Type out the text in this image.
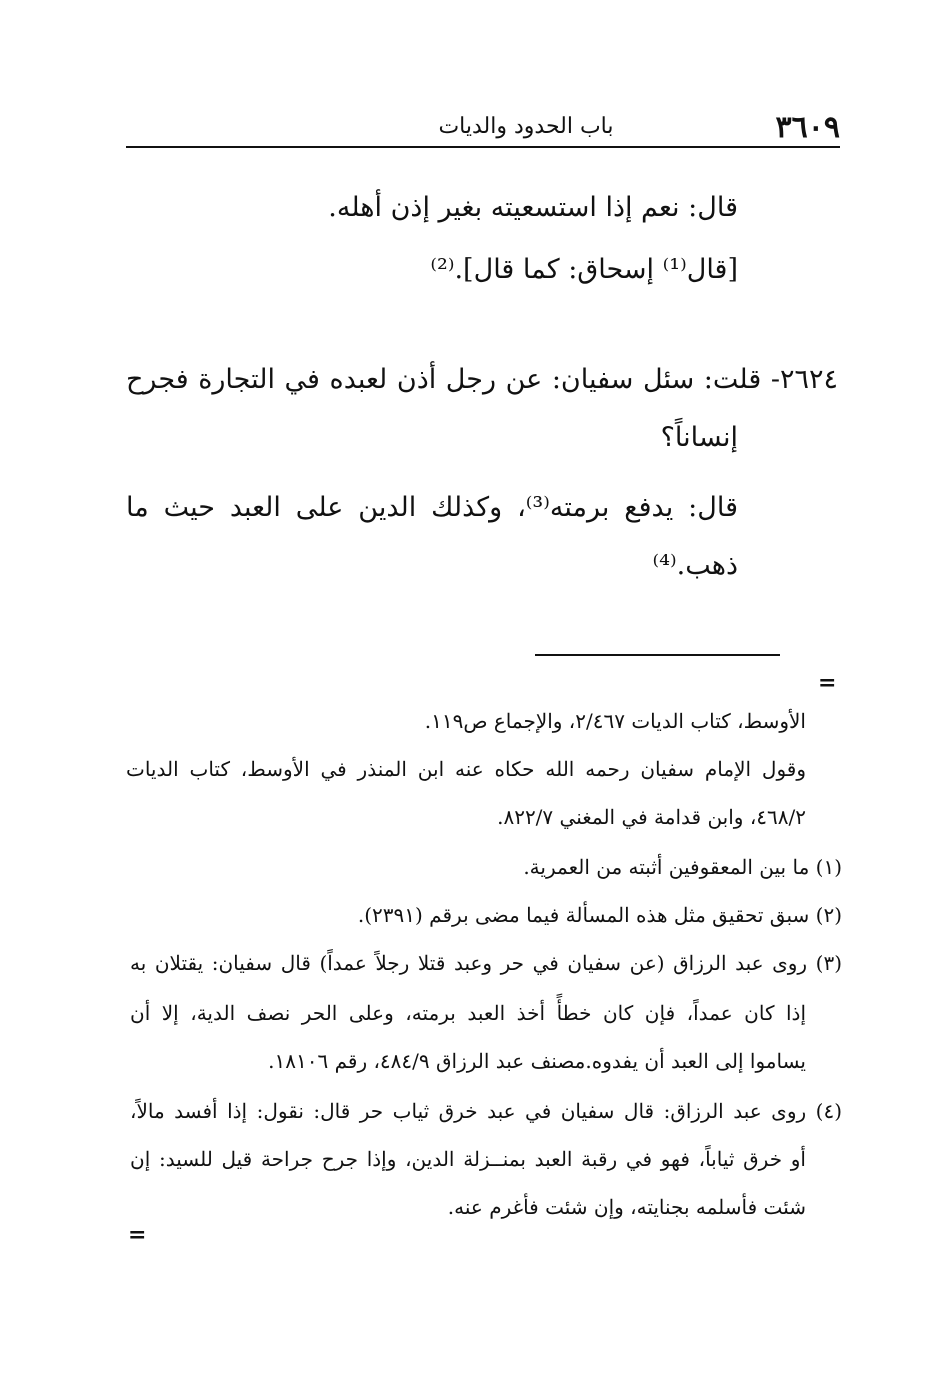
٣٦٠٩
باب الحدود والديات
قال: نعم إذا استسعيته بغير إذن أهله.
[قال⁽¹⁾ إسحاق: كما قال].⁽²⁾
٢٦٢٤- قلت: سئل سفيان: عن رجل أذن لعبده في التجارة فجرح
إنساناً؟
قال: يدفع برمته⁽³⁾، وكذلك الدين على العبد حيث ما
ذهب.⁽⁴⁾
=
الأوسط، كتاب الديات ٢/٤٦٧، والإجماع ص١١٩.
وقول الإمام سفيان رحمه الله حكاه عنه ابن المنذر في الأوسط، كتاب الديات
٤٦٨/٢، وابن قدامة في المغني ٨٢٢/٧.
(١) ما بين المعقوفين أثبته من العمرية.
(٢) سبق تحقيق مثل هذه المسألة فيما مضى برقم (٢٣٩١).
(٣) روى عبد الرزاق (عن سفيان في حر وعبد قتلا رجلاً عمداً) قال سفيان: يقتلان به
إذا كان عمداً، فإن كان خطأً أخذ العبد برمته، وعلى الحر نصف الدية، إلا أن
يساموا إلى العبد أن يفدوه.مصنف عبد الرزاق ٤٨٤/٩، رقم ١٨١٠٦.
(٤) روى عبد الرزاق: قال سفيان في عبد خرق ثياب حر قال: نقول: إذا أفسد مالاً،
أو خرق ثياباً، فهو في رقبة العبد بمنــزلة الدين، وإذا جرح جراحة قيل للسيد: إن
شئت فأسلمه بجنايته، وإن شئت فأغرم عنه.
=
